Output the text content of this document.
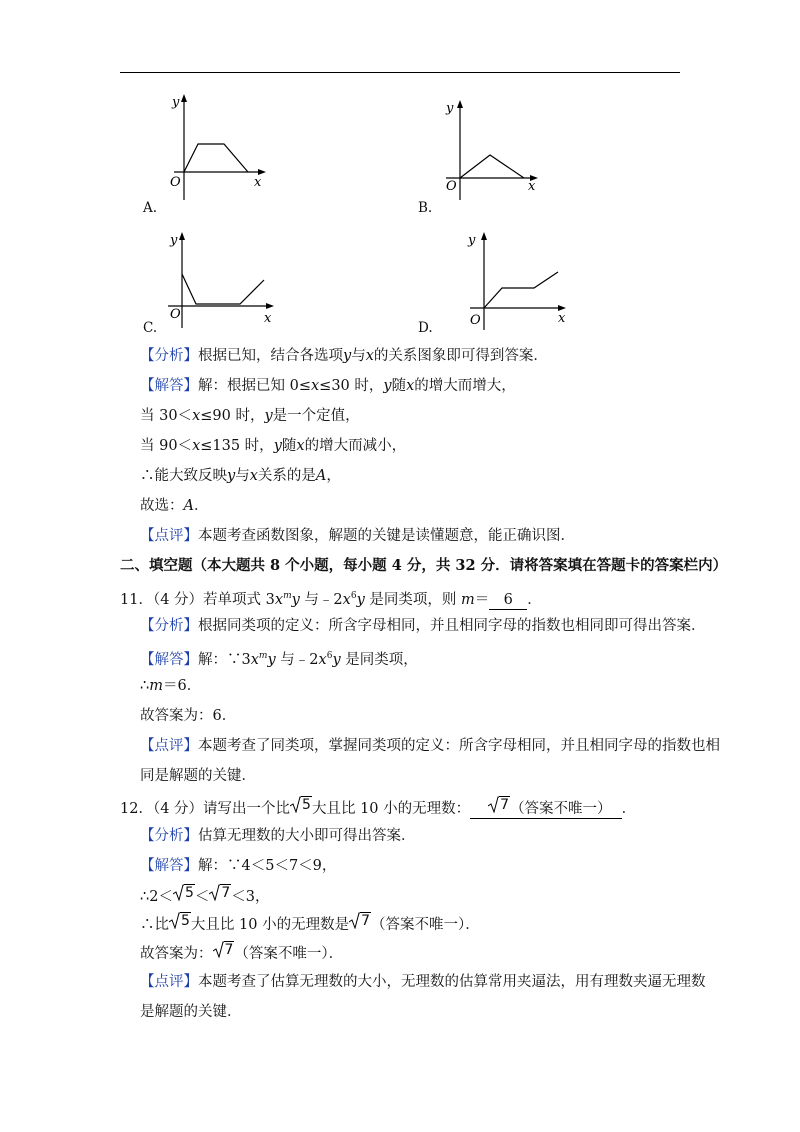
y
O	x
A.
y
O	x
B.
y
O	x
C.
y
O	x
D.
【分析】根据已知，结合各选项y与x的关系图象即可得到答案．
【解答】解：根据已知 0≤x≤30 时，y随x的增大而增大，
当 30＜x≤90 时，y是一个定值，
当 90＜x≤135 时，y随x的增大而减小，
∴能大致反映y与x关系的是A，
故选：A．
【点评】本题考查函数图象，解题的关键是读懂题意，能正确识图．
二、填空题（本大题共 8 个小题，每小题 4 分，共 32 分．请将答案填在答题卡的答案栏内）
11．（4 分）若单项式 $3x^my$ 与$﹣2x^6y$ 是同类项，则 m＝ 6 ．
【分析】根据同类项的定义：所含字母相同，并且相同字母的指数也相同即可得出答案．
【解答】解：$\because 3x^my$ 与$﹣2x^6y$ 是同类项，
∴m＝6．
故答案为：6．
【点评】本题考查了同类项，掌握同类项的定义：所含字母相同，并且相同字母的指数也相
同是解题的关键．
12．（4 分）请写出一个比 5 大且比 10 小的无理数： 7 （答案不唯一） ．
【分析】估算无理数的大小即可得出答案．
【解答】解：∵4＜5＜7＜9，
∴2＜ 5 ＜ 7 ＜3，
∴比 5 大且比 10 小的无理数是 7 （答案不唯一）．
故答案为： 7 （答案不唯一）．
【点评】本题考查了估算无理数的大小，无理数的估算常用夹逼法，用有理数夹逼无理数
是解题的关键．
